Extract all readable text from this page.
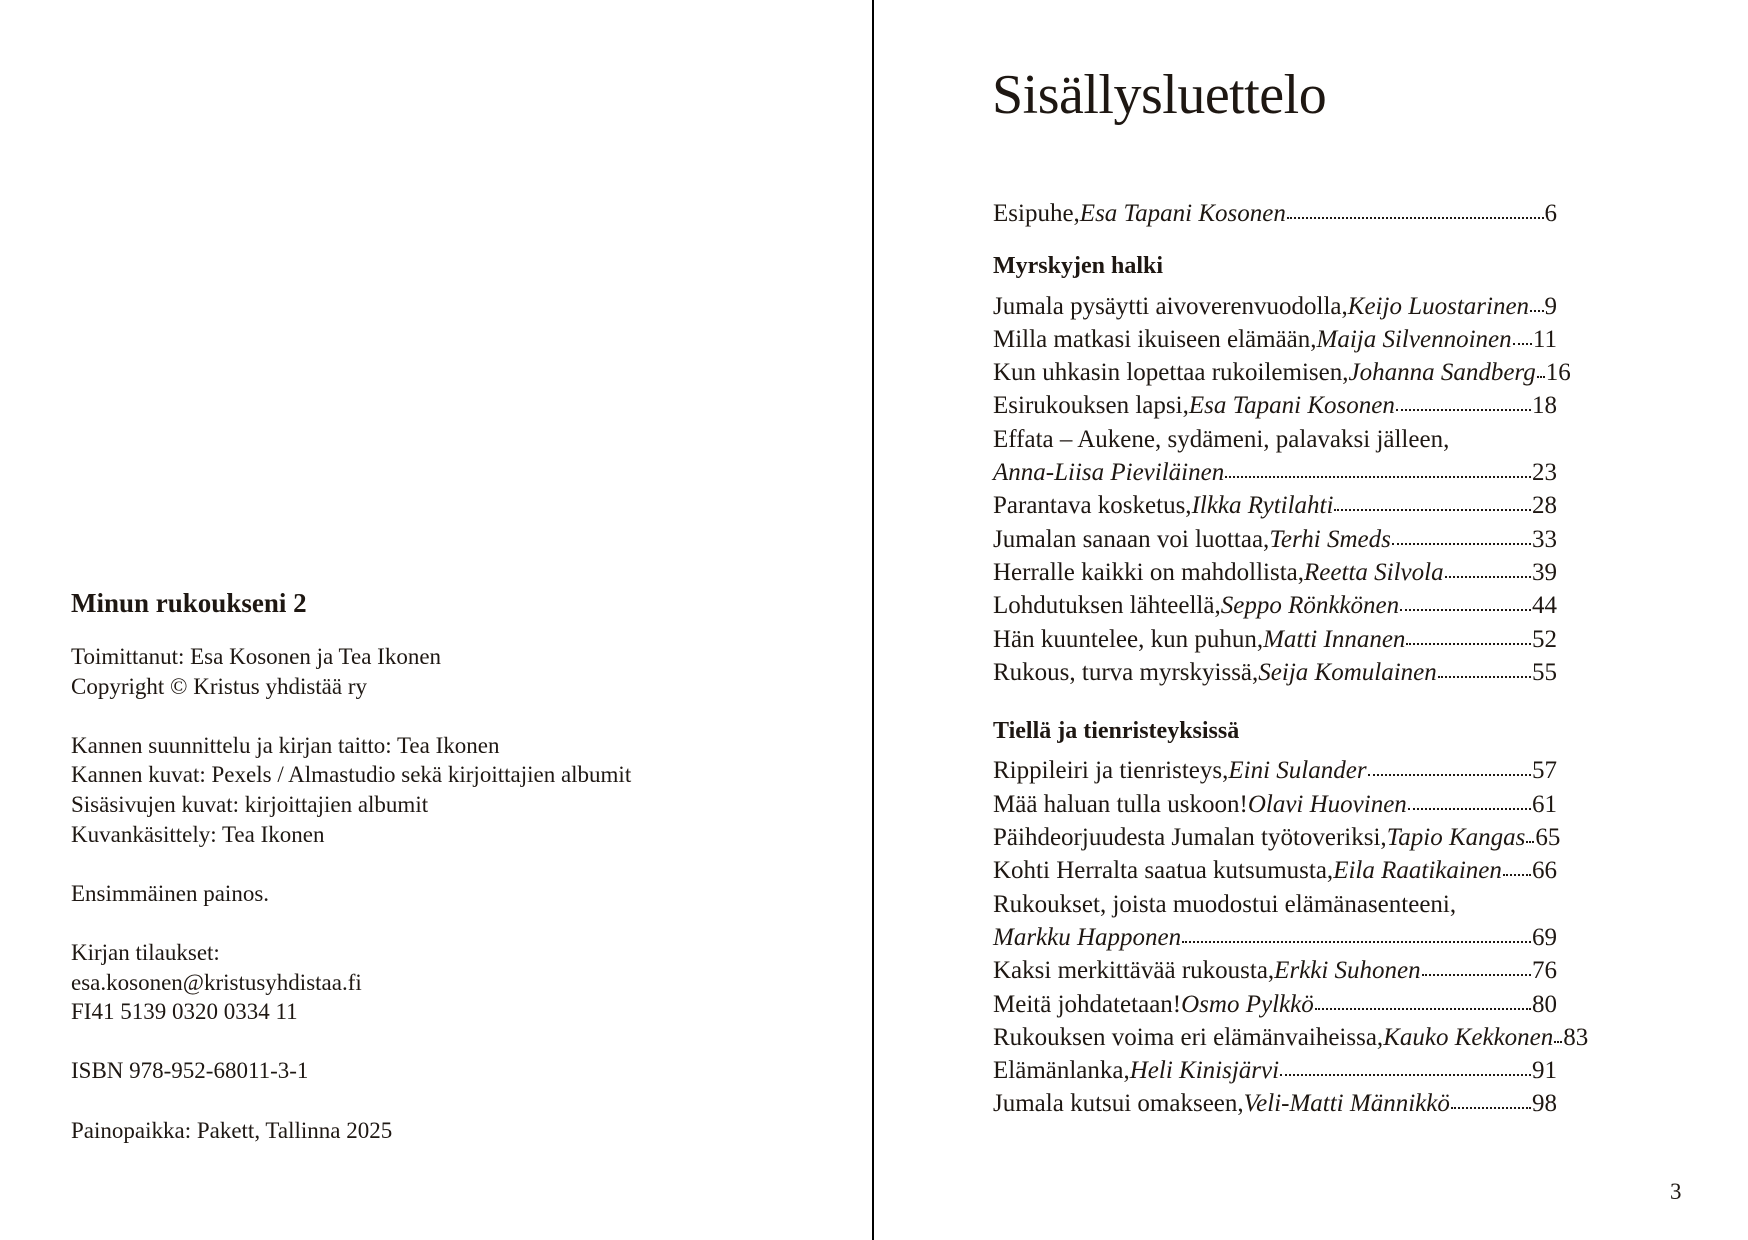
Minun rukoukseni 2

Toimittanut: Esa Kosonen ja Tea Ikonen

Copyright © Kristus yhdistää ry

Kannen suunnittelu ja kirjan taitto: Tea Ikonen

Kannen kuvat: Pexels / Almastudio sekä kirjoittajien albumit

Sisäsivujen kuvat: kirjoittajien albumit

Kuvankäsittely: Tea Ikonen

Ensimmäinen painos.

Kirjan tilaukset:

esa.kosonen@kristusyhdistaa.fi

FI41 5139 0320 0334 11

ISBN 978-952-68011-3-1

Painopaikka: Pakett, Tallinna 2025

Sisällysluettelo
Esipuhe, Esa Tapani Kosonen	6
Myrskyjen halki
Jumala pysäytti aivoverenvuodolla, Keijo Luostarinen 9
Milla matkasi ikuiseen elämään, Maija Silvennoinen 11
Kun uhkasin lopettaa rukoilemisen, Johanna Sandberg 16
Esirukouksen lapsi, Esa Tapani Kosonen	18
Effata – Aukene, sydämeni, palavaksi jälleen,
Anna-Liisa Pieviläinen	23
Parantava kosketus, Ilkka Rytilahti	28
Jumalan sanaan voi luottaa, Terhi Smeds	33
Herralle kaikki on mahdollista, Reetta Silvola	39
Lohdutuksen lähteellä, Seppo Rönkkönen	44
Hän kuuntelee, kun puhun, Matti Innanen	52
Rukous, turva myrskyissä, Seija Komulainen	55
Tiellä ja tienristeyksissä
Rippileiri ja tienristeys, Eini Sulander	57
Mää haluan tulla uskoon! Olavi Huovinen	61
Päihdeorjuudesta Jumalan työtoveriksi, Tapio Kangas 65
Kohti Herralta saatua kutsumusta, Eila Raatikainen 66
Rukoukset, joista muodostui elämänasenteeni,
Markku Happonen	69
Kaksi merkittävää rukousta, Erkki Suhonen	76
Meitä johdatetaan! Osmo Pylkkö	80
Rukouksen voima eri elämänvaiheissa, Kauko Kekkonen 83
Elämänlanka, Heli Kinisjärvi	91
Jumala kutsui omakseen, Veli-Matti Männikkö	98
3
